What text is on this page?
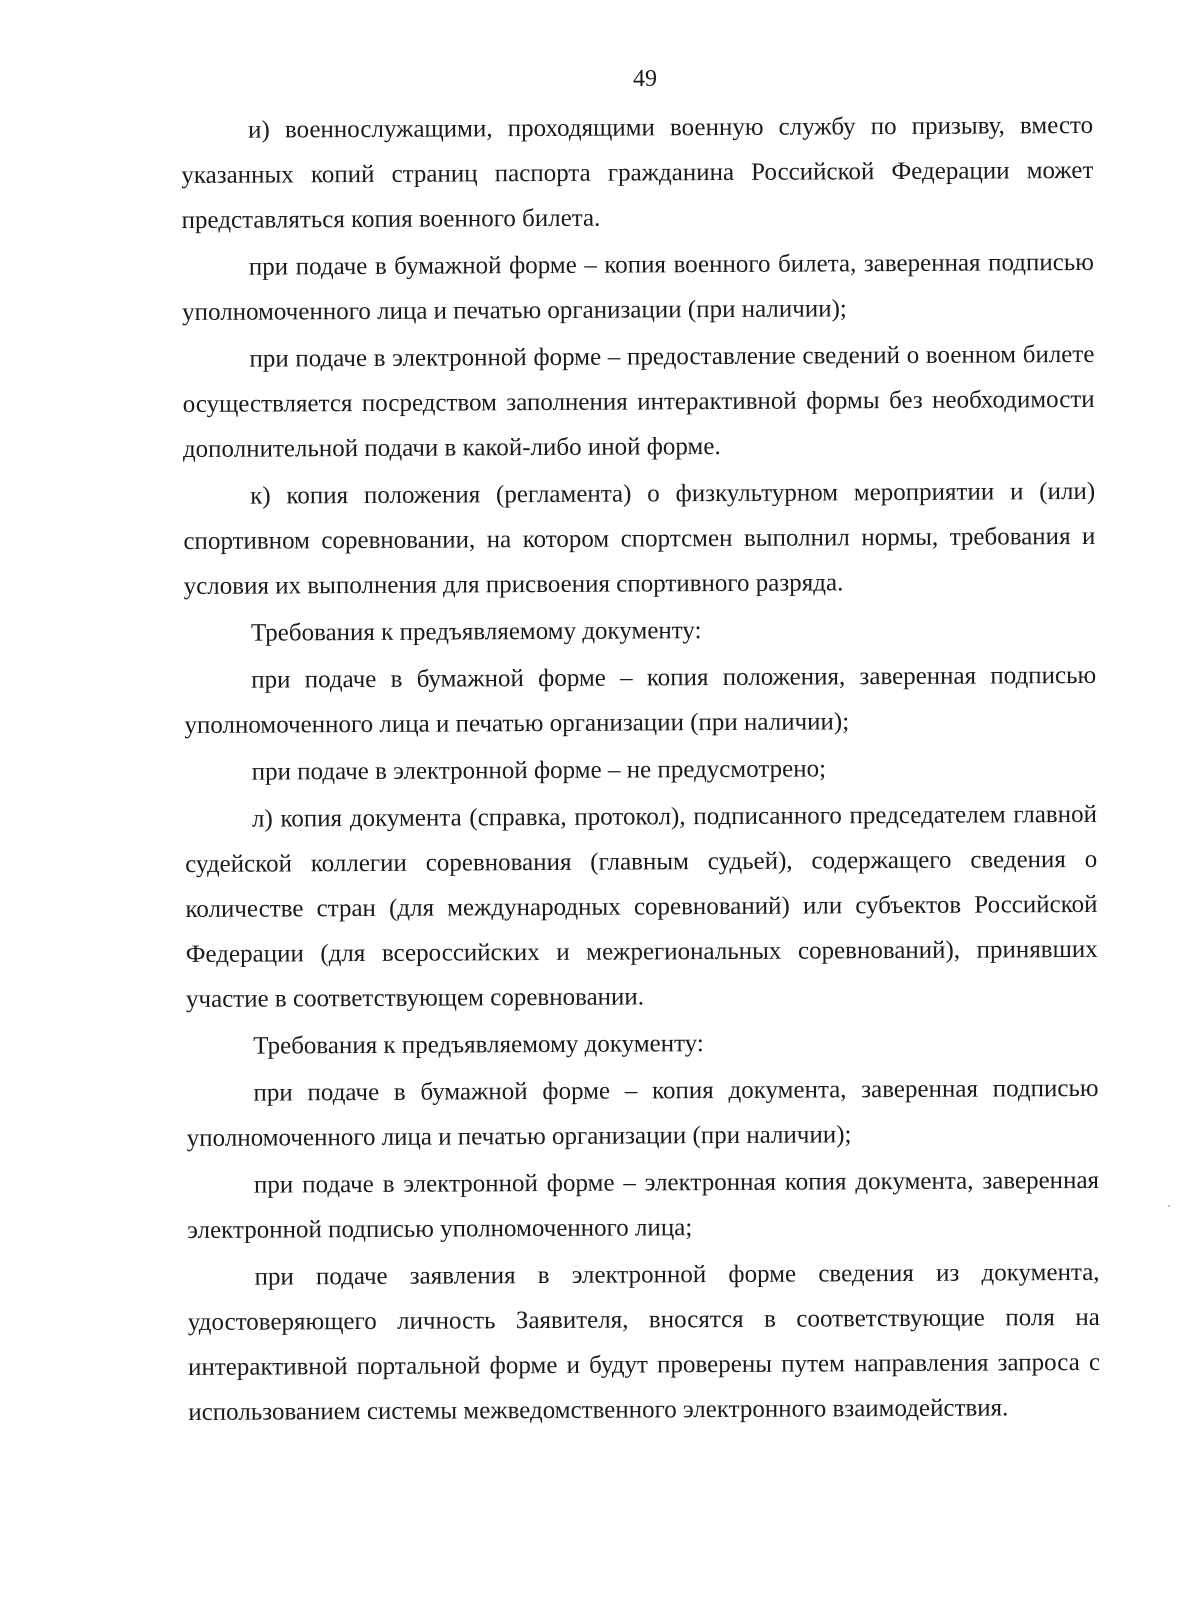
49

и) военнослужащими, проходящими военную службу по призыву, вместо указанных копий страниц паспорта гражданина Российской Федерации может представляться копия военного билета.

при подаче в бумажной форме – копия военного билета, заверенная подписью уполномоченного лица и печатью организации (при наличии);

при подаче в электронной форме – предоставление сведений о военном билете осуществляется посредством заполнения интерактивной формы без необходимости дополнительной подачи в какой-либо иной форме.

к) копия положения (регламента) о физкультурном мероприятии и (или) спортивном соревновании, на котором спортсмен выполнил нормы, требования и условия их выполнения для присвоения спортивного разряда.

Требования к предъявляемому документу:

при подаче в бумажной форме – копия положения, заверенная подписью уполномоченного лица и печатью организации (при наличии);

при подаче в электронной форме – не предусмотрено;

л) копия документа (справка, протокол), подписанного председателем главной судейской коллегии соревнования (главным судьей), содержащего сведения о количестве стран (для международных соревнований) или субъектов Российской Федерации (для всероссийских и межрегиональных соревнований), принявших участие в соответствующем соревновании.

Требования к предъявляемому документу:

при подаче в бумажной форме – копия документа, заверенная подписью уполномоченного лица и печатью организации (при наличии);

при подаче в электронной форме – электронная копия документа, заверенная электронной подписью уполномоченного лица;

при подаче заявления в электронной форме сведения из документа, удостоверяющего личность Заявителя, вносятся в соответствующие поля на интерактивной портальной форме и будут проверены путем направления запроса с использованием системы межведомственного электронного взаимодействия.
